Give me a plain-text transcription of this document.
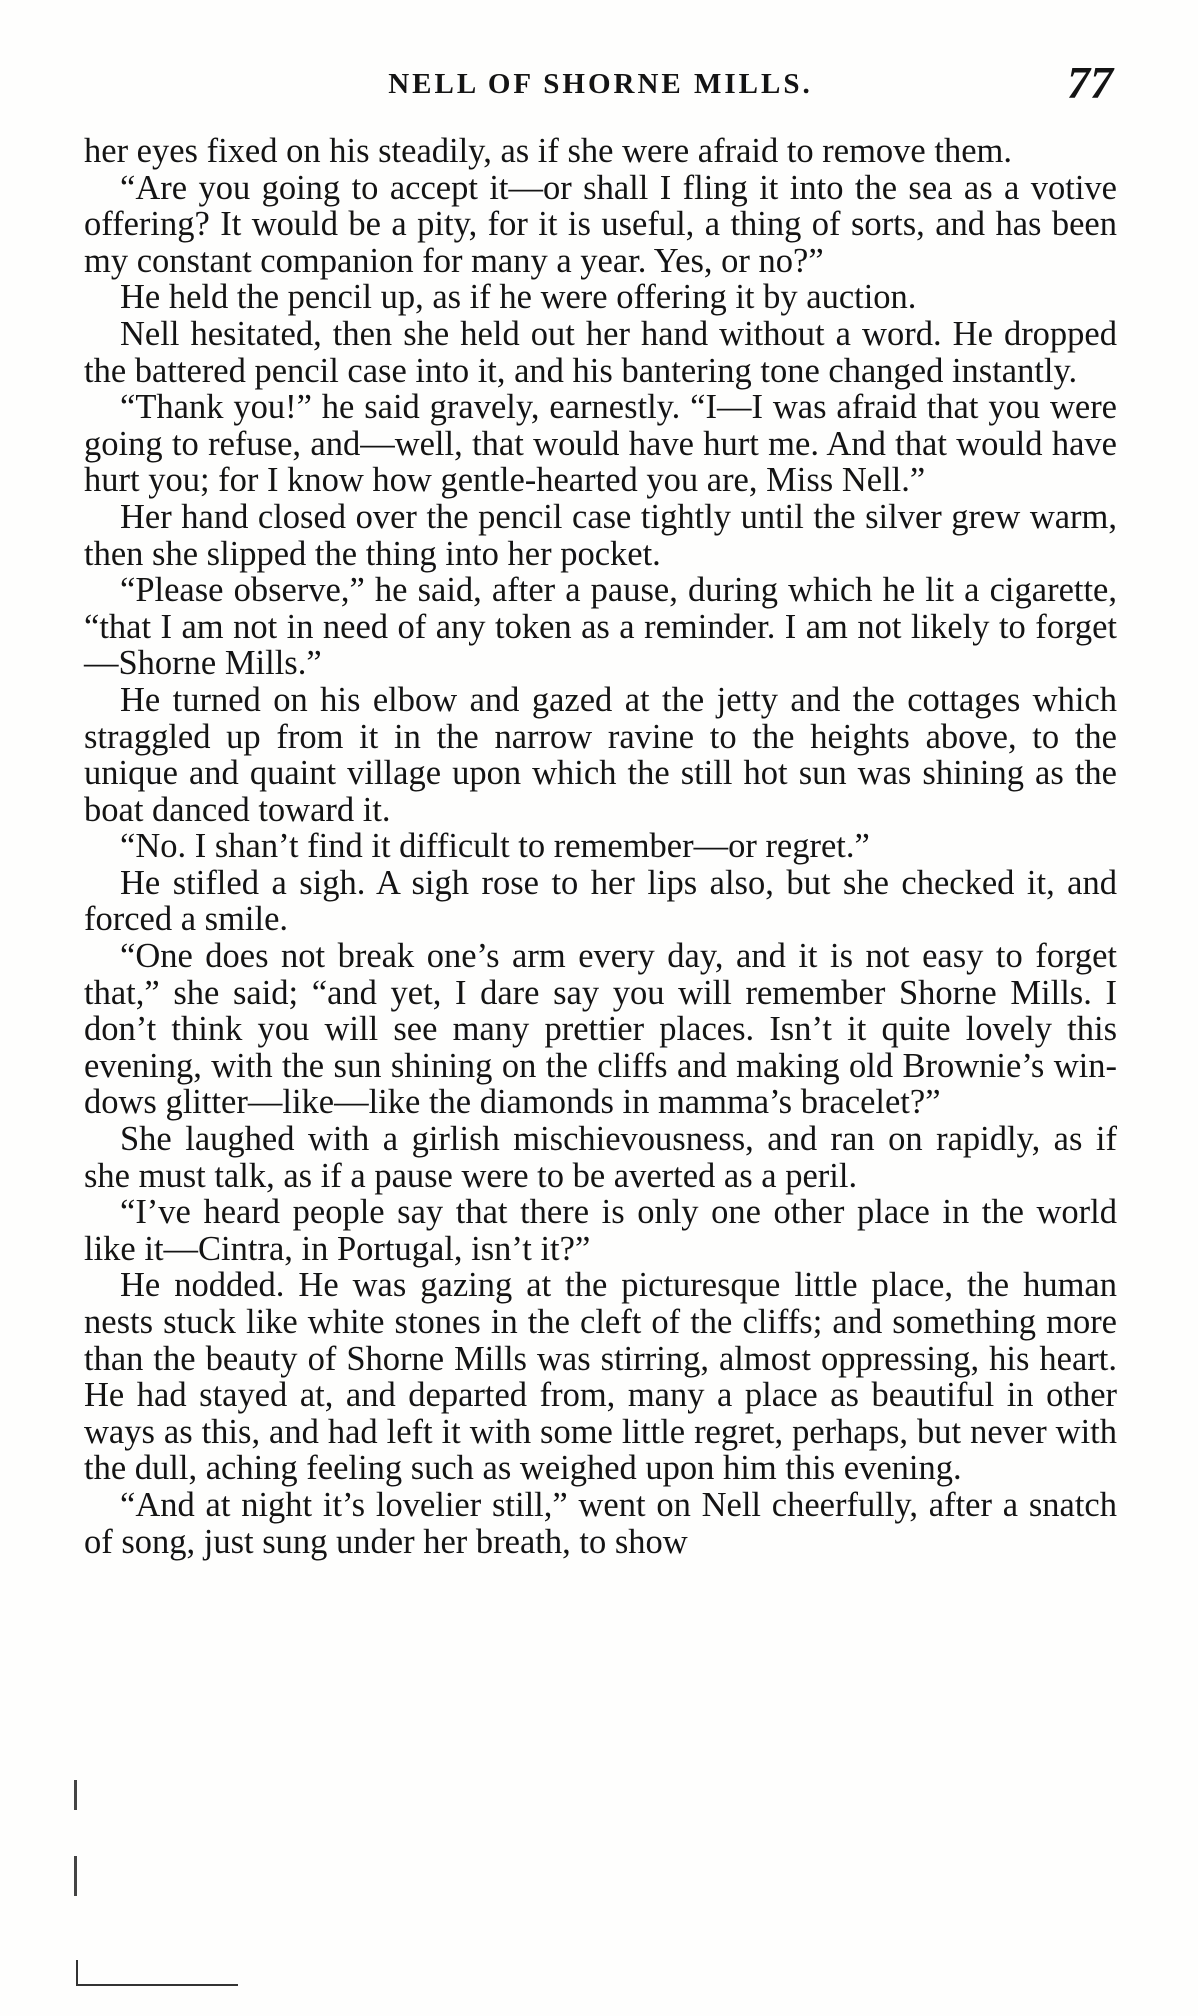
NELL OF SHORNE MILLS.	77

her eyes fixed on his steadily, as if she were afraid to remove them.

“Are you going to accept it—or shall I fling it into the sea as a votive offering? It would be a pity, for it is useful, a thing of sorts, and has been my constant companion for many a year. Yes, or no?”

He held the pencil up, as if he were offering it by auction.

Nell hesitated, then she held out her hand without a word. He dropped the battered pencil case into it, and his bantering tone changed instantly.

“Thank you!” he said gravely, earnestly. “I—I was afraid that you were going to refuse, and—well, that would have hurt me. And that would have hurt you; for I know how gentle-hearted you are, Miss Nell.”

Her hand closed over the pencil case tightly until the silver grew warm, then she slipped the thing into her pocket.

“Please observe,” he said, after a pause, during which he lit a cigarette, “that I am not in need of any token as a reminder. I am not likely to forget—Shorne Mills.”

He turned on his elbow and gazed at the jetty and the cottages which straggled up from it in the narrow ravine to the heights above, to the unique and quaint village upon which the still hot sun was shining as the boat danced toward it.

“No. I shan’t find it difficult to remember—or regret.”

He stifled a sigh. A sigh rose to her lips also, but she checked it, and forced a smile.

“One does not break one’s arm every day, and it is not easy to forget that,” she said; “and yet, I dare say you will remember Shorne Mills. I don’t think you will see many prettier places. Isn’t it quite lovely this evening, with the sun shining on the cliffs and making old Brownie’s windows glitter—like—like the diamonds in mamma’s bracelet?”

She laughed with a girlish mischievousness, and ran on rapidly, as if she must talk, as if a pause were to be averted as a peril.

“I’ve heard people say that there is only one other place in the world like it—Cintra, in Portugal, isn’t it?”

He nodded. He was gazing at the picturesque little place, the human nests stuck like white stones in the cleft of the cliffs; and something more than the beauty of Shorne Mills was stirring, almost oppressing, his heart. He had stayed at, and departed from, many a place as beautiful in other ways as this, and had left it with some little regret, perhaps, but never with the dull, aching feeling such as weighed upon him this evening.

“And at night it’s lovelier still,” went on Nell cheerfully, after a snatch of song, just sung under her breath, to show
